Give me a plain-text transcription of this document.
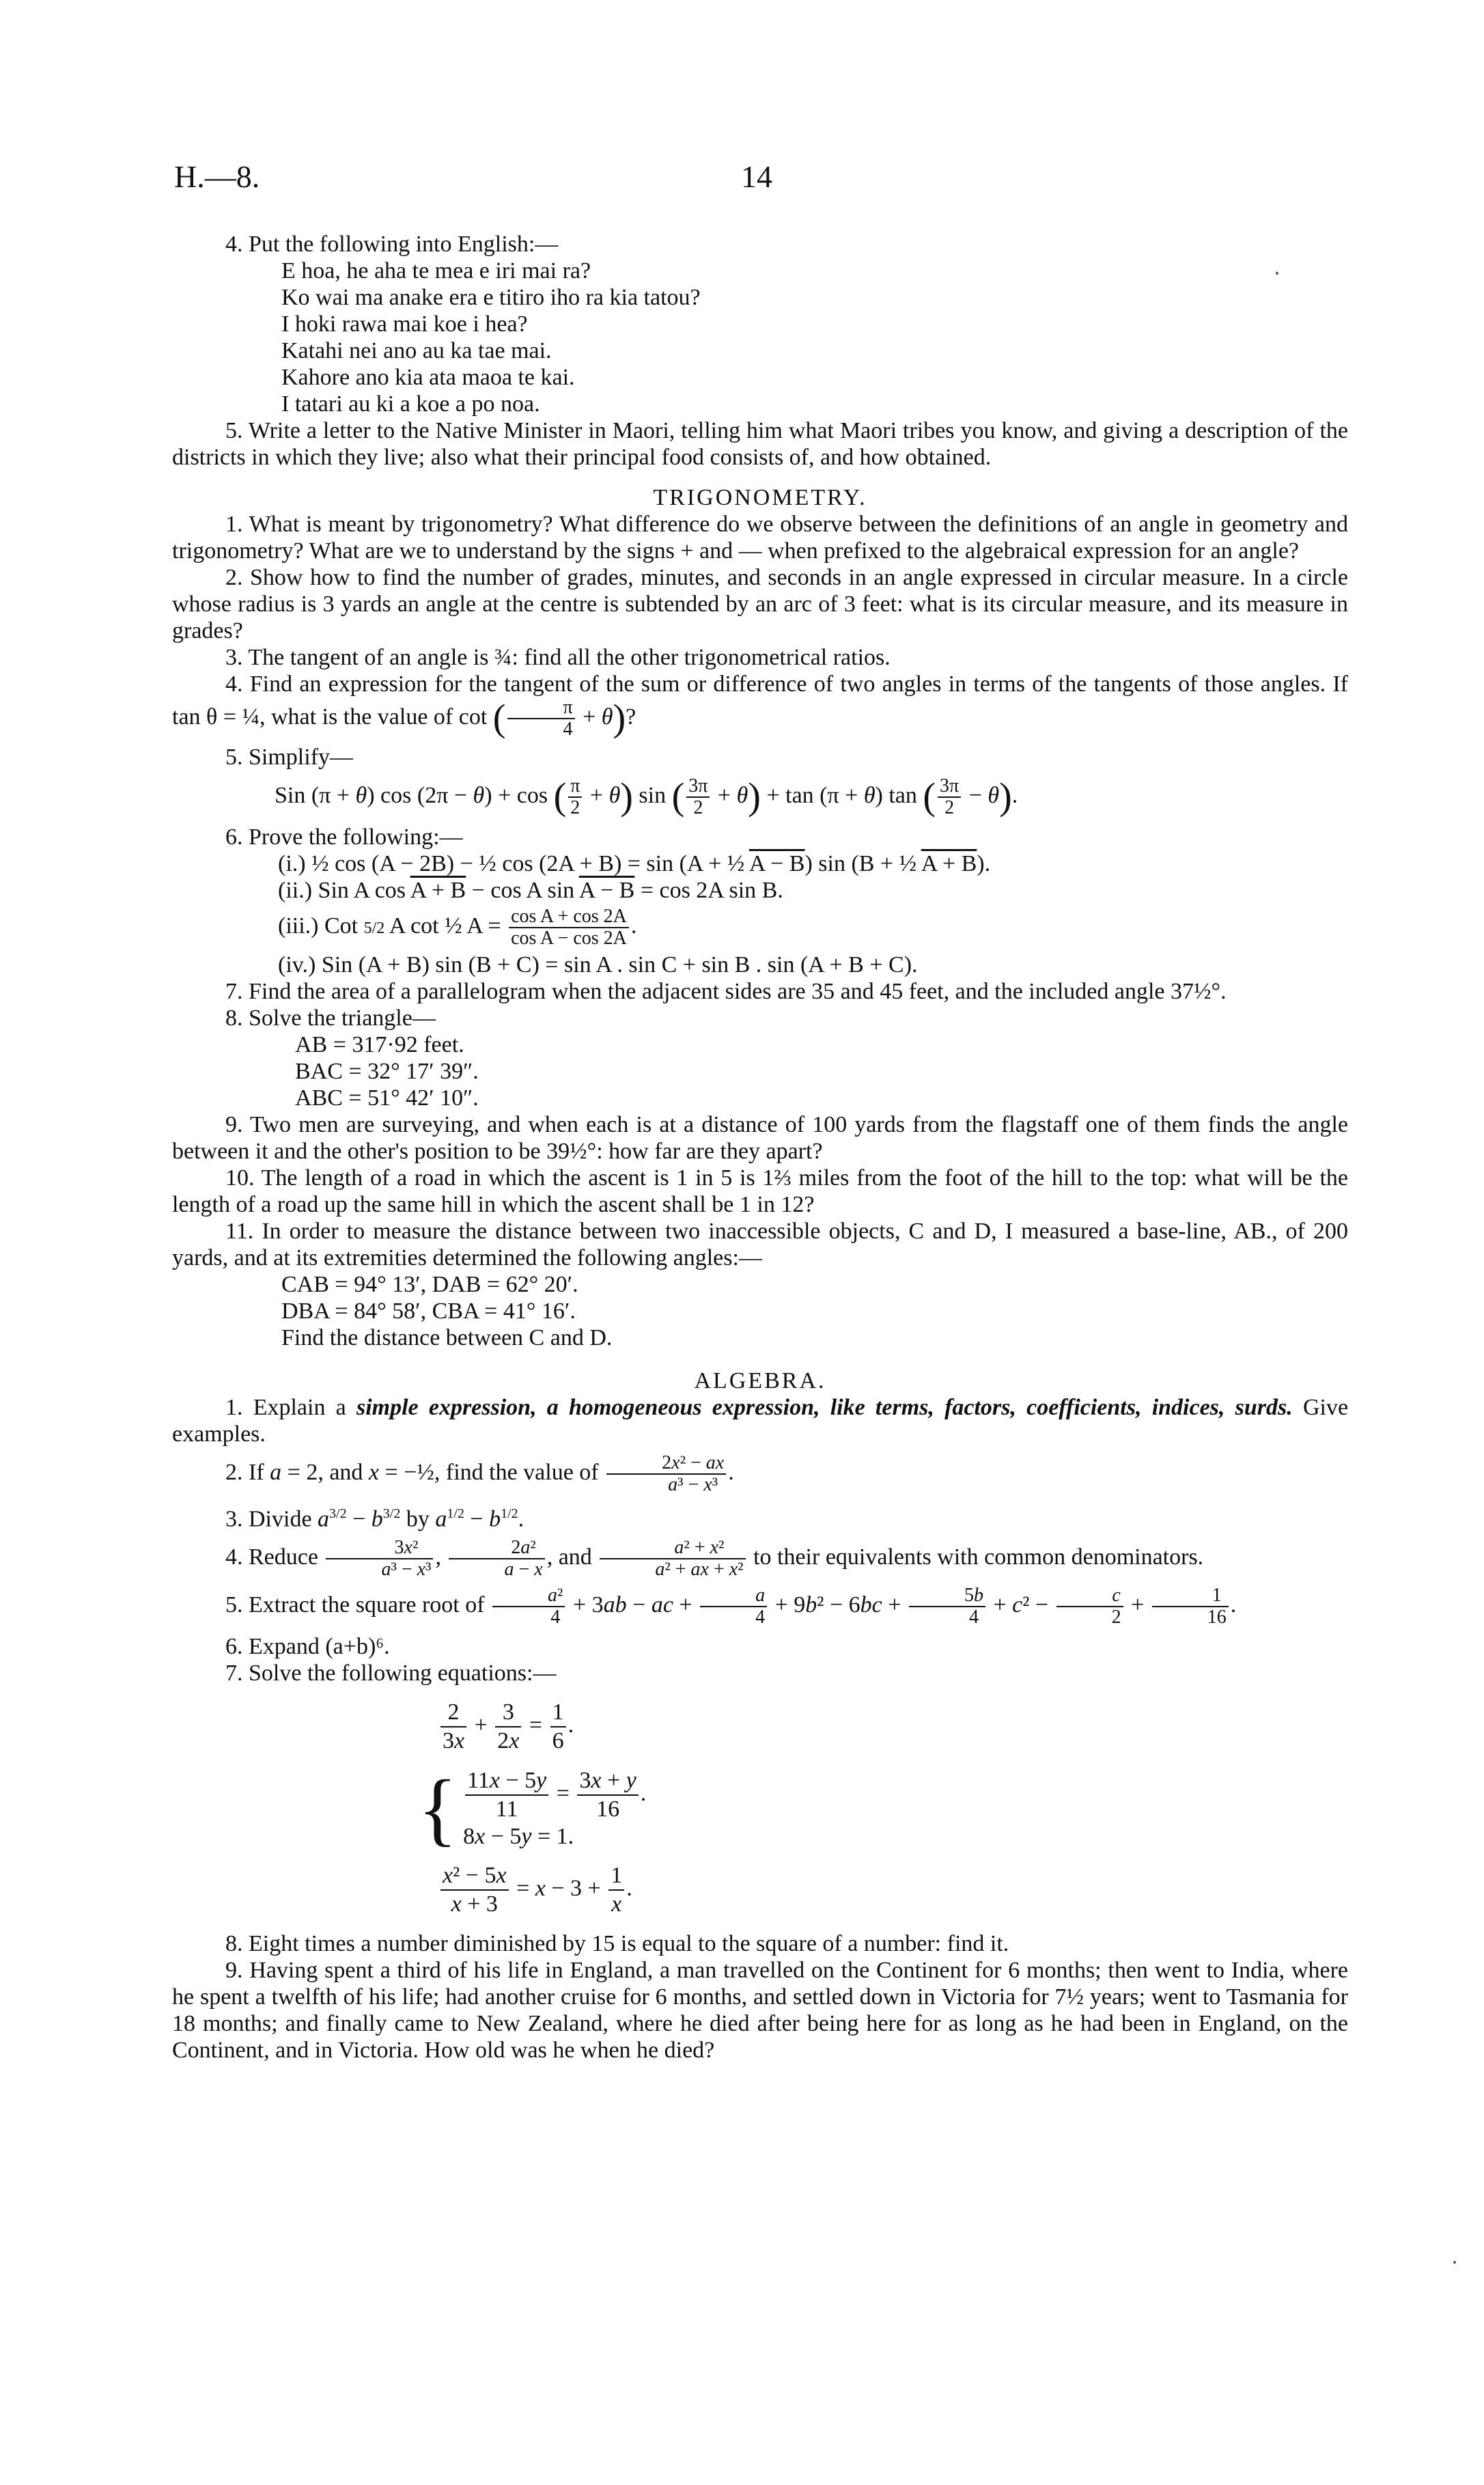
H.—8.	14

4. Put the following into English:—

E hoa, he aha te mea e iri mai ra?

Ko wai ma anake era e titiro iho ra kia tatou?

I hoki rawa mai koe i hea?

Katahi nei ano au ka tae mai.

Kahore ano kia ata maoa te kai.

I tatari au ki a koe a po noa.

5. Write a letter to the Native Minister in Maori, telling him what Maori tribes you know, and giving a description of the districts in which they live; also what their principal food consists of, and how obtained.

TRIGONOMETRY.

1. What is meant by trigonometry? What difference do we observe between the definitions of an angle in geometry and trigonometry? What are we to understand by the signs + and — when prefixed to the algebraical expression for an angle?

2. Show how to find the number of grades, minutes, and seconds in an angle expressed in circular measure. In a circle whose radius is 3 yards an angle at the centre is subtended by an arc of 3 feet: what is its circular measure, and its measure in grades?

3. The tangent of an angle is ¾: find all the other trigonometrical ratios.

4. Find an expression for the tangent of the sum or difference of two angles in terms of the tangents of those angles. If tan θ = ¼, what is the value of cot ( $\frac{\pi}{4} + \theta$)?

5. Simplify—

Sin (π + θ) cos (2π − θ) + cos ( $\frac{\pi}{2} + \theta$) sin ( $\frac{3\pi}{2} + \theta) + \tan (\pi + \theta)$ tan ( $\frac{3\pi}{2} - \theta$).

6. Prove the following:—

(i.) ½ cos (A − 2B) − ½ cos (2A + B) = sin (A + ½ A − B) sin (B + ½ A + B).

(ii.) Sin A cos A + B − cos A sin A − B = cos 2A sin B.

(iii.) Cot 5/2 A cot ½ $A = \frac{\text{cos A + cos 2A}}{\text{cos A − cos 2A}}$ .

(iv.) Sin (A + B) sin (B + C) = sin A . sin C + sin B . sin (A + B + C).

7. Find the area of a parallelogram when the adjacent sides are 35 and 45 feet, and the included angle 37½°.

8. Solve the triangle—

AB = 317·92 feet.

BAC = 32° 17′ 39″.

ABC = 51° 42′ 10″.

9. Two men are surveying, and when each is at a distance of 100 yards from the flagstaff one of them finds the angle between it and the other's position to be 39½°: how far are they apart?

10. The length of a road in which the ascent is 1 in 5 is 1⅔ miles from the foot of the hill to the top: what will be the length of a road up the same hill in which the ascent shall be 1 in 12?

11. In order to measure the distance between two inaccessible objects, C and D, I measured a base-line, AB., of 200 yards, and at its extremities determined the following angles:—

CAB = 94° 13′, DAB = 62° 20′.

DBA = 84° 58′, CBA = 41° 16′.

Find the distance between C and D.

ALGEBRA.

1. Explain a simple expression, a homogeneous expression, like terms, factors, coefficients, indices, surds. Give examples.

2. If a = 2, and x = −½, find the value of $\frac{\text{2x² − ax}}{\text{a³ − x³}}$ .

3. Divide $a^{3/2} - b^{3/2}$ by $a^{1/2} - b^{1/2}$.

4. Reduce $\frac{\text{3x²}}{\text{a³ − x³}}$ , $\frac{\text{2a²}}{a - x}$ , and $\frac{\text{a² + x²}}{\text{a² + ax + x²}}$ to their equivalents with common denominators.

5. Extract the square root of $\frac{\text{a²}}{4} + 3ab$ − ac + $\frac{a}{4} + 9b^2 - 6bc + \frac{5b}{4} + c^2 - \frac{c}{2} + \frac{1}{16}$ .

6. Expand (a+b)⁶.

7. Solve the following equations:—

$\frac{2}{3x} + \frac{3}{2x} = \frac{1}{6}$ .
{ $\frac{11x - 5y}{11} = \frac{3x + y}{16}$ .
8x − 5y = 1.
$\frac{\text{x² − 5x}}{x + 3} = x - 3 + \frac{1}{x}$ .

8. Eight times a number diminished by 15 is equal to the square of a number: find it.

9. Having spent a third of his life in England, a man travelled on the Continent for 6 months; then went to India, where he spent a twelfth of his life; had another cruise for 6 months, and settled down in Victoria for 7½ years; went to Tasmania for 18 months; and finally came to New Zealand, where he died after being here for as long as he had been in England, on the Continent, and in Victoria. How old was he when he died?
